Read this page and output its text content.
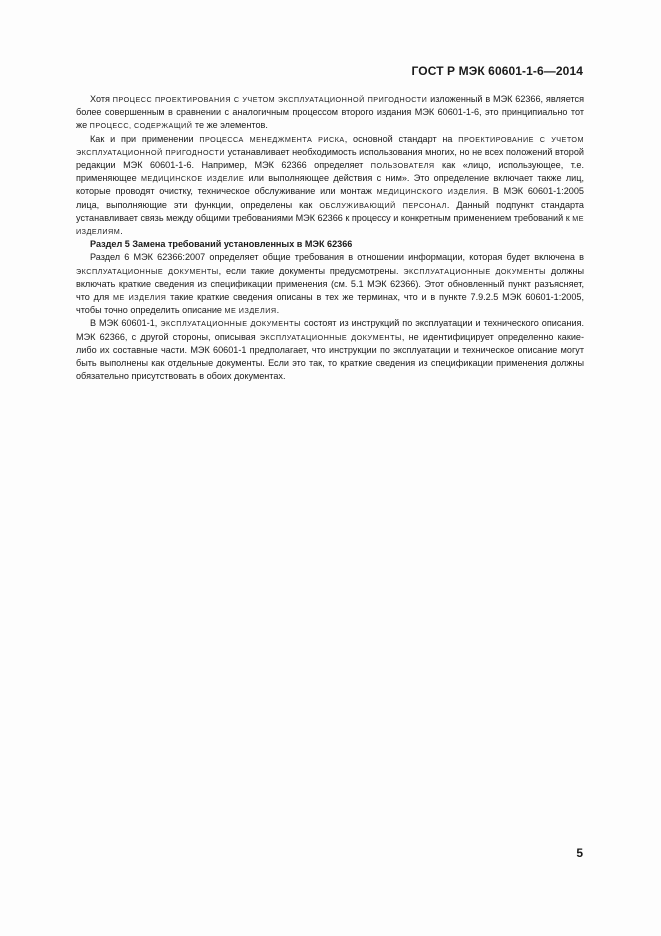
ГОСТ Р МЭК 60601-1-6—2014

Хотя ПРОЦЕСС ПРОЕКТИРОВАНИЯ С УЧЕТОМ ЭКСПЛУАТАЦИОННОЙ ПРИГОДНОСТИ изложенный в МЭК 62366, является более совершенным в сравнении с аналогичным процессом второго издания МЭК 60601-1-6, это принципиально тот же ПРОЦЕСС, СОДЕРЖАЩИЙ те же элементов.

Как и при применении ПРОЦЕССА МЕНЕДЖМЕНТА РИСКА, основной стандарт на ПРОЕКТИРОВАНИЕ С УЧЕТОМ ЭКСПЛУАТАЦИОННОЙ ПРИГОДНОСТИ устанавливает необходимость использования многих, но не всех положений второй редакции МЭК 60601-1-6. Например, МЭК 62366 определяет ПОЛЬЗОВАТЕЛЯ как «лицо, использующее, т.е. применяющее МЕДИЦИНСКОЕ ИЗДЕЛИЕ или выполняющее действия с ним». Это определение включает также лиц, которые проводят очистку, техническое обслуживание или монтаж МЕДИЦИНСКОГО ИЗДЕЛИЯ. В МЭК 60601-1:2005 лица, выполняющие эти функции, определены как ОБСЛУЖИВАЮЩИЙ ПЕРСОНАЛ. Данный подпункт стандарта устанавливает связь между общими требованиями МЭК 62366 к процессу и конкретным применением требований к МЕ ИЗДЕЛИЯМ.

Раздел 5 Замена требований установленных в МЭК 62366

Раздел 6 МЭК 62366:2007 определяет общие требования в отношении информации, которая будет включена в ЭКСПЛУАТАЦИОННЫЕ ДОКУМЕНТЫ, если такие документы предусмотрены. ЭКСПЛУАТАЦИОННЫЕ ДОКУМЕНТЫ должны включать краткие сведения из спецификации применения (см. 5.1 МЭК 62366). Этот обновленный пункт разъясняет, что для МЕ ИЗДЕЛИЯ такие краткие сведения описаны в тех же терминах, что и в пункте 7.9.2.5 МЭК 60601-1:2005, чтобы точно определить описание МЕ ИЗДЕЛИЯ.

В МЭК 60601-1, ЭКСПЛУАТАЦИОННЫЕ ДОКУМЕНТЫ состоят из инструкций по эксплуатации и технического описания. МЭК 62366, с другой стороны, описывая ЭКСПЛУАТАЦИОННЫЕ ДОКУМЕНТЫ, не идентифицирует определенно какие-либо их составные части. МЭК 60601-1 предполагает, что инструкции по эксплуатации и техническое описание могут быть выполнены как отдельные документы. Если это так, то краткие сведения из спецификации применения должны обязательно присутствовать в обоих документах.

5
